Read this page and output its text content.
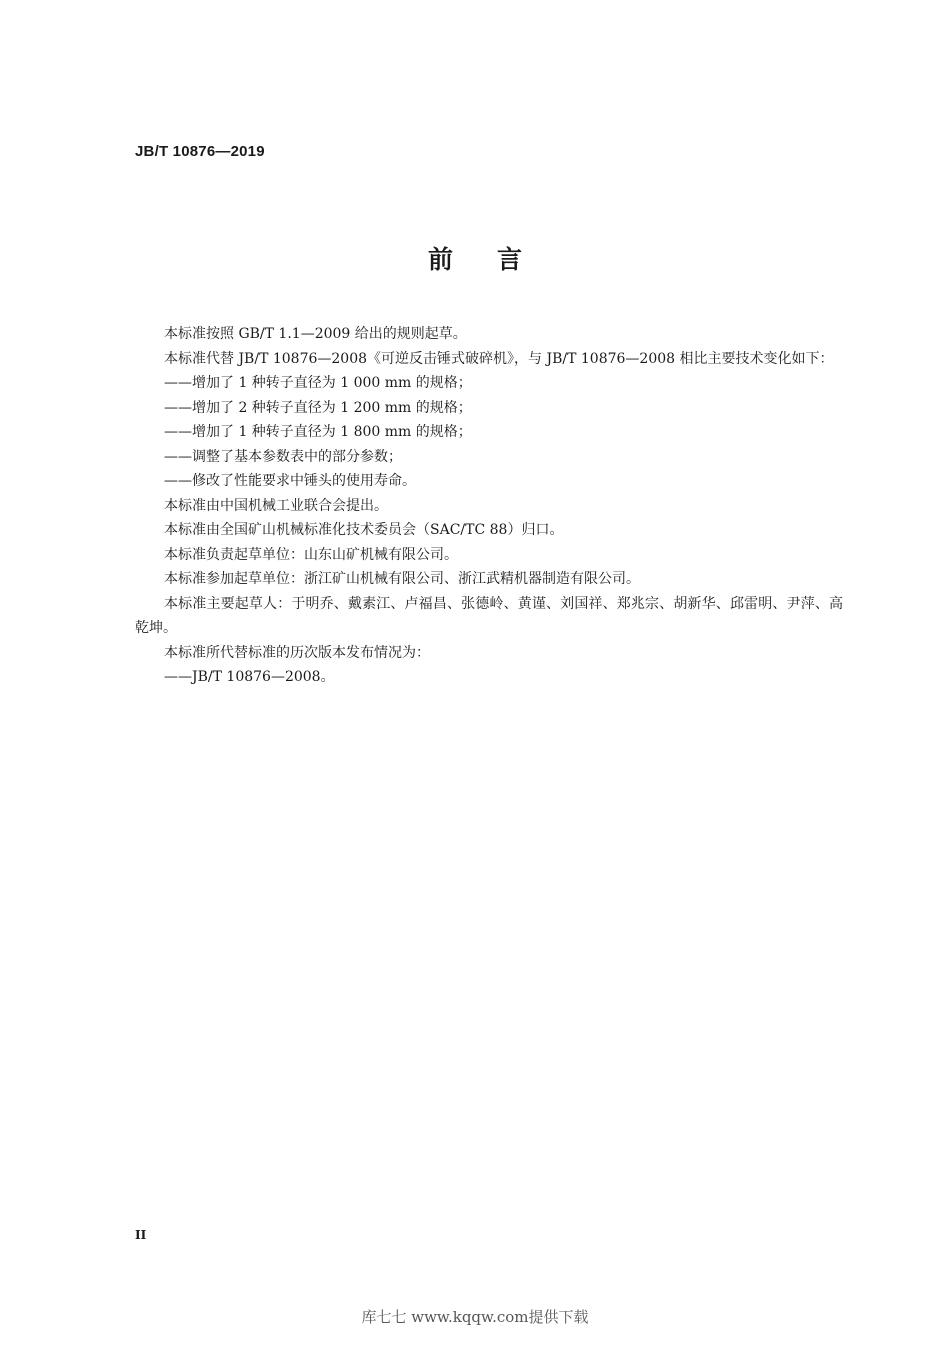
JB/T 10876—2019
前言

本标准按照 GB/T 1.1—2009 给出的规则起草。

本标准代替 JB/T 10876—2008《可逆反击锤式破碎机》，与 JB/T 10876—2008 相比主要技术变化如下：

——增加了 1 种转子直径为 1 000 mm 的规格；

——增加了 2 种转子直径为 1 200 mm 的规格；

——增加了 1 种转子直径为 1 800 mm 的规格；

——调整了基本参数表中的部分参数；

——修改了性能要求中锤头的使用寿命。

本标准由中国机械工业联合会提出。

本标准由全国矿山机械标准化技术委员会（SAC/TC 88）归口。

本标准负责起草单位：山东山矿机械有限公司。

本标准参加起草单位：浙江矿山机械有限公司、浙江武精机器制造有限公司。

本标准主要起草人：于明乔、戴素江、卢福昌、张德岭、黄谨、刘国祥、郑兆宗、胡新华、邱雷明、尹萍、高乾坤。

本标准所代替标准的历次版本发布情况为：

——JB/T 10876—2008。

II
库七七 www.kqqw.com提供下载
